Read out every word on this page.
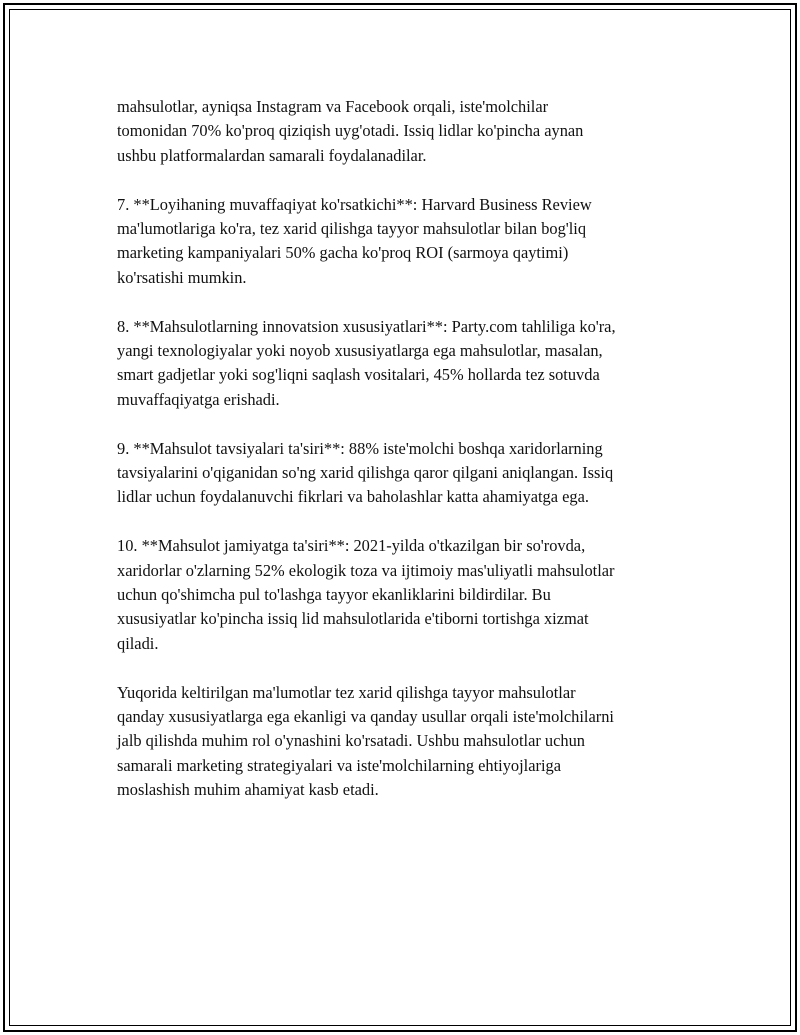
mahsulotlar, ayniqsa Instagram va Facebook orqali, iste'molchilar
tomonidan 70% ko'proq qiziqish uyg'otadi. Issiq lidlar ko'pincha aynan
ushbu platformalardan samarali foydalanadilar.

7. **Loyihaning muvaffaqiyat ko'rsatkichi**: Harvard Business Review
ma'lumotlariga ko'ra, tez xarid qilishga tayyor mahsulotlar bilan bog'liq
marketing kampaniyalari 50% gacha ko'proq ROI (sarmoya qaytimi)
ko'rsatishi mumkin.

8. **Mahsulotlarning innovatsion xususiyatlari**: Party.com tahliliga ko'ra,
yangi texnologiyalar yoki noyob xususiyatlarga ega mahsulotlar, masalan,
smart gadjetlar yoki sog'liqni saqlash vositalari, 45% hollarda tez sotuvda
muvaffaqiyatga erishadi.

9. **Mahsulot tavsiyalari ta'siri**: 88% iste'molchi boshqa xaridorlarning
tavsiyalarini o'qiganidan so'ng xarid qilishga qaror qilgani aniqlangan. Issiq
lidlar uchun foydalanuvchi fikrlari va baholashlar katta ahamiyatga ega.

10. **Mahsulot jamiyatga ta'siri**: 2021-yilda o'tkazilgan bir so'rovda,
xaridorlar o'zlarning 52% ekologik toza va ijtimoiy mas'uliyatli mahsulotlar
uchun qo'shimcha pul to'lashga tayyor ekanliklarini bildirdilar. Bu
xususiyatlar ko'pincha issiq lid mahsulotlarida e'tiborni tortishga xizmat
qiladi.

Yuqorida keltirilgan ma'lumotlar tez xarid qilishga tayyor mahsulotlar
qanday xususiyatlarga ega ekanligi va qanday usullar orqali iste'molchilarni
jalb qilishda muhim rol o'ynashini ko'rsatadi. Ushbu mahsulotlar uchun
samarali marketing strategiyalari va iste'molchilarning ehtiyojlariga
moslashish muhim ahamiyat kasb etadi.
